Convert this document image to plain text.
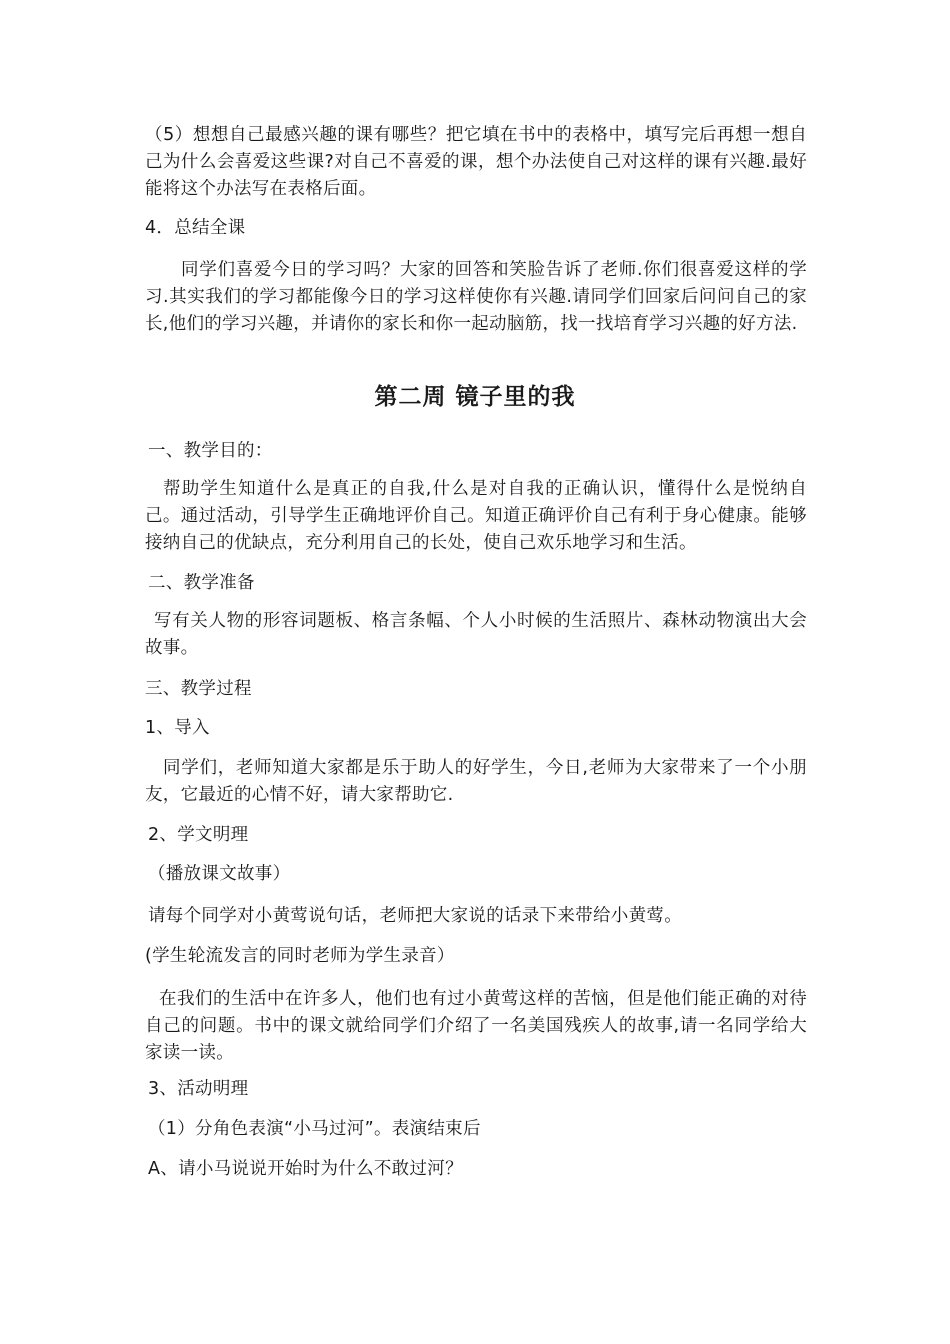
（5）想想自己最感兴趣的课有哪些？把它填在书中的表格中，填写完后再想一想自己为什么会喜爱这些课?对自己不喜爱的课，想个办法使自己对这样的课有兴趣.最好能将这个办法写在表格后面。

4．总结全课

同学们喜爱今日的学习吗？大家的回答和笑脸告诉了老师.你们很喜爱这样的学习.其实我们的学习都能像今日的学习这样使你有兴趣.请同学们回家后问问自己的家长,他们的学习兴趣，并请你的家长和你一起动脑筋，找一找培育学习兴趣的好方法.

第二周 镜子里的我

一、教学目的：

帮助学生知道什么是真正的自我,什么是对自我的正确认识，懂得什么是悦纳自己。通过活动，引导学生正确地评价自己。知道正确评价自己有利于身心健康。能够接纳自己的优缺点，充分利用自己的长处，使自己欢乐地学习和生活。

二、教学准备

写有关人物的形容词题板、格言条幅、个人小时候的生活照片、森林动物演出大会故事。

三、教学过程

1、导入

同学们，老师知道大家都是乐于助人的好学生，今日,老师为大家带来了一个小朋友，它最近的心情不好，请大家帮助它.

2、学文明理

（播放课文故事）

请每个同学对小黄莺说句话，老师把大家说的话录下来带给小黄莺。

(学生轮流发言的同时老师为学生录音）

在我们的生活中在许多人，他们也有过小黄莺这样的苦恼，但是他们能正确的对待自己的问题。书中的课文就给同学们介绍了一名美国残疾人的故事,请一名同学给大家读一读。

3、活动明理

（1）分角色表演“小马过河”。表演结束后

A、请小马说说开始时为什么不敢过河？
